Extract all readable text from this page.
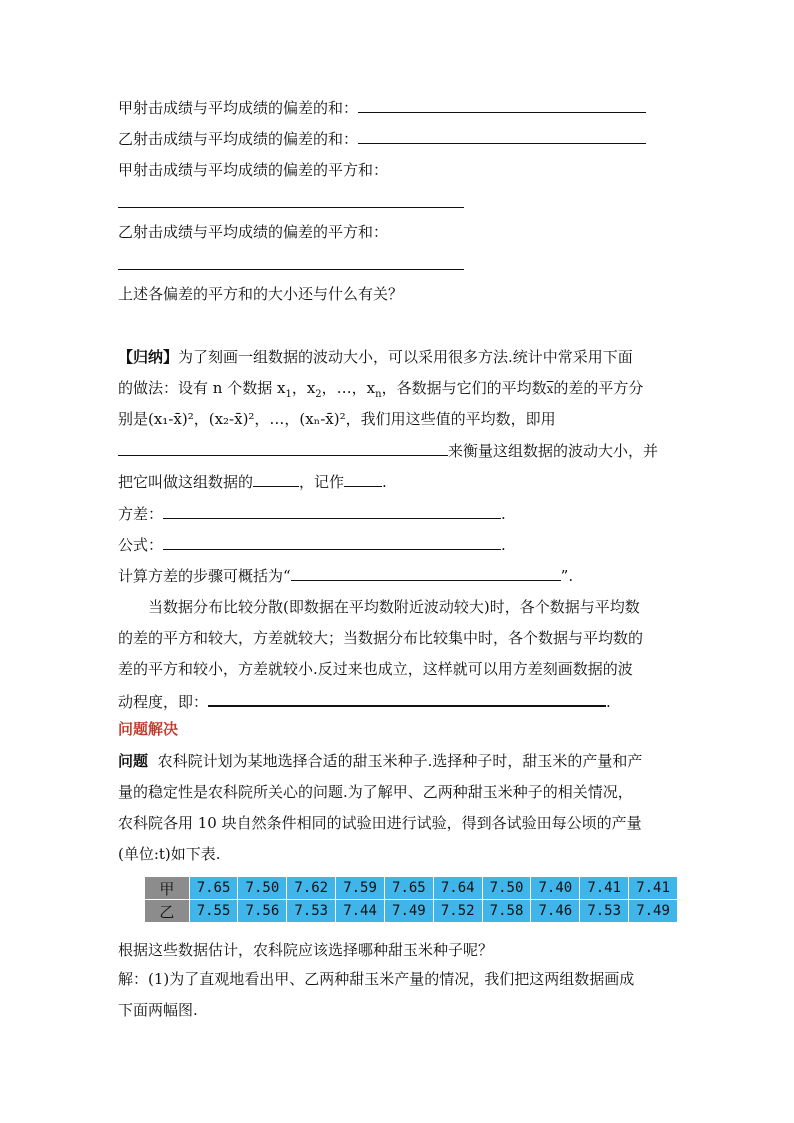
甲射击成绩与平均成绩的偏差的和：
乙射击成绩与平均成绩的偏差的和：
甲射击成绩与平均成绩的偏差的平方和：
乙射击成绩与平均成绩的偏差的平方和：
上述各偏差的平方和的大小还与什么有关？
【归纳】为了刻画一组数据的波动大小，可以采用很多方法.统计中常采用下面
的做法：设有 n 个数据 $x_1$，$x_2$，…，$x_n$，各数据与它们的平均数$\overline{x}$的差的平方分
别是(x₁-x̄)²，(x₂-x̄)²，…，(xₙ-x̄)²，我们用这些值的平均数，即用
来衡量这组数据的波动大小，并
把它叫做这组数据的	，记作	.
方差：	.
公式：	.
计算方差的步骤可概括为“	”.
当数据分布比较分散(即数据在平均数附近波动较大)时，各个数据与平均数
的差的平方和较大，方差就较大；当数据分布比较集中时，各个数据与平均数的
差的平方和较小，方差就较小.反过来也成立，这样就可以用方差刻画数据的波
动程度，即：	.
问题解决
问题 农科院计划为某地选择合适的甜玉米种子.选择种子时，甜玉米的产量和产
量的稳定性是农科院所关心的问题.为了解甲、乙两种甜玉米种子的相关情况，
农科院各用 10 块自然条件相同的试验田进行试验，得到各试验田每公顷的产量
(单位:t)如下表.
甲	7.65	7.50	7.62	7.59	7.65	7.64	7.50	7.40	7.41	7.41
乙	7.55	7.56	7.53	7.44	7.49	7.52	7.58	7.46	7.53	7.49
根据这些数据估计，农科院应该选择哪种甜玉米种子呢？
解：(1)为了直观地看出甲、乙两种甜玉米产量的情况，我们把这两组数据画成
下面两幅图.
